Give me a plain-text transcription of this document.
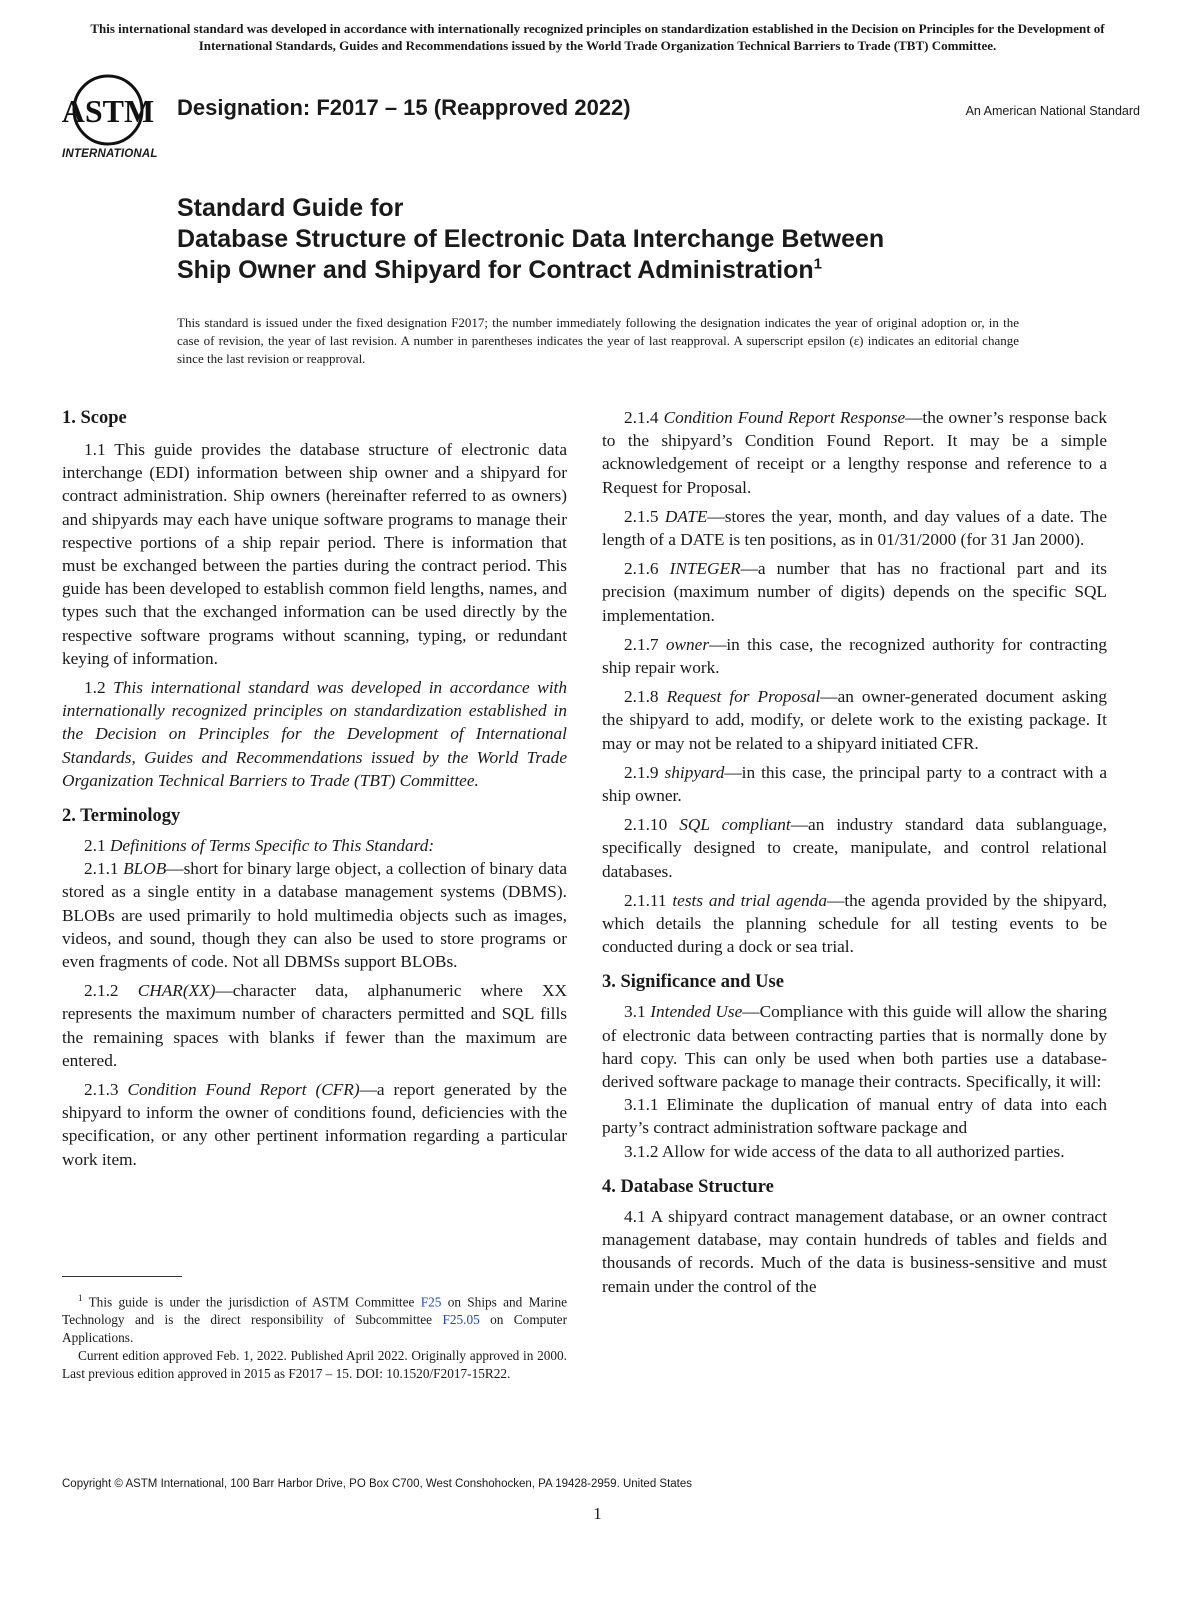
This international standard was developed in accordance with internationally recognized principles on standardization established in the Decision on Principles for the Development of International Standards, Guides and Recommendations issued by the World Trade Organization Technical Barriers to Trade (TBT) Committee.
ASTM
INTERNATIONAL
Designation: F2017 – 15 (Reapproved 2022)	An American National Standard
Standard Guide for
Database Structure of Electronic Data Interchange Between
Ship Owner and Shipyard for Contract Administration$^1$
This standard is issued under the fixed designation F2017; the number immediately following the designation indicates the year of original adoption or, in the case of revision, the year of last revision. A number in parentheses indicates the year of last reapproval. A superscript epsilon (ε) indicates an editorial change since the last revision or reapproval.
1. Scope

1.1 This guide provides the database structure of electronic data interchange (EDI) information between ship owner and a shipyard for contract administration. Ship owners (hereinafter referred to as owners) and shipyards may each have unique software programs to manage their respective portions of a ship repair period. There is information that must be exchanged between the parties during the contract period. This guide has been developed to establish common field lengths, names, and types such that the exchanged information can be used directly by the respective software programs without scanning, typing, or redundant keying of information.

1.2 This international standard was developed in accordance with internationally recognized principles on standardization established in the Decision on Principles for the Development of International Standards, Guides and Recommendations issued by the World Trade Organization Technical Barriers to Trade (TBT) Committee.

2. Terminology

2.1 Definitions of Terms Specific to This Standard:

2.1.1 BLOB—short for binary large object, a collection of binary data stored as a single entity in a database management systems (DBMS). BLOBs are used primarily to hold multimedia objects such as images, videos, and sound, though they can also be used to store programs or even fragments of code. Not all DBMSs support BLOBs.

2.1.2 CHAR(XX)—character data, alphanumeric where XX represents the maximum number of characters permitted and SQL fills the remaining spaces with blanks if fewer than the maximum are entered.

2.1.3 Condition Found Report (CFR)—a report generated by the shipyard to inform the owner of conditions found, deficiencies with the specification, or any other pertinent information regarding a particular work item.

2.1.4 Condition Found Report Response—the owner’s response back to the shipyard’s Condition Found Report. It may be a simple acknowledgement of receipt or a lengthy response and reference to a Request for Proposal.

2.1.5 DATE—stores the year, month, and day values of a date. The length of a DATE is ten positions, as in 01/31/2000 (for 31 Jan 2000).

2.1.6 INTEGER—a number that has no fractional part and its precision (maximum number of digits) depends on the specific SQL implementation.

2.1.7 owner—in this case, the recognized authority for contracting ship repair work.

2.1.8 Request for Proposal—an owner-generated document asking the shipyard to add, modify, or delete work to the existing package. It may or may not be related to a shipyard initiated CFR.

2.1.9 shipyard—in this case, the principal party to a contract with a ship owner.

2.1.10 SQL compliant—an industry standard data sublanguage, specifically designed to create, manipulate, and control relational databases.

2.1.11 tests and trial agenda—the agenda provided by the shipyard, which details the planning schedule for all testing events to be conducted during a dock or sea trial.

3. Significance and Use

3.1 Intended Use—Compliance with this guide will allow the sharing of electronic data between contracting parties that is normally done by hard copy. This can only be used when both parties use a database-derived software package to manage their contracts. Specifically, it will:

3.1.1 Eliminate the duplication of manual entry of data into each party’s contract administration software package and

3.1.2 Allow for wide access of the data to all authorized parties.

4. Database Structure

4.1 A shipyard contract management database, or an owner contract management database, may contain hundreds of tables and fields and thousands of records. Much of the data is business-sensitive and must remain under the control of the

$^1$ This guide is under the jurisdiction of ASTM Committee F25 on Ships and Marine Technology and is the direct responsibility of Subcommittee F25.05 on Computer Applications.

Current edition approved Feb. 1, 2022. Published April 2022. Originally approved in 2000. Last previous edition approved in 2015 as F2017 – 15. DOI: 10.1520/F2017-15R22.

Copyright © ASTM International, 100 Barr Harbor Drive, PO Box C700, West Conshohocken, PA 19428-2959. United States
1
